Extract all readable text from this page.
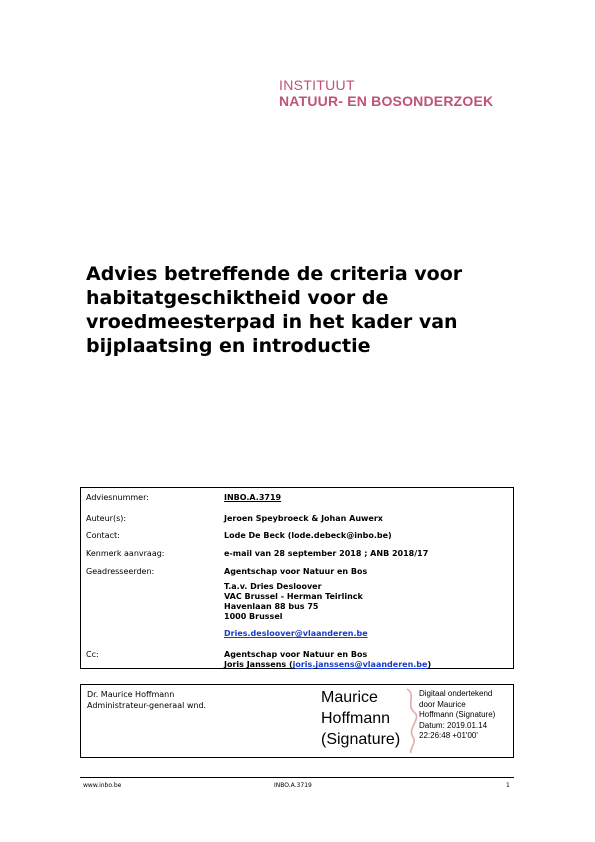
INSTITUUT
NATUUR- EN BOSONDERZOEK
Advies betreffende de criteria voor habitatgeschiktheid voor de vroedmeesterpad in het kader van bijplaatsing en introductie
Adviesnummer:	INBO.A.3719
Auteur(s):	Jeroen Speybroeck & Johan Auwerx
Contact:	Lode De Beck (lode.debeck@inbo.be)
Kenmerk aanvraag:	e-mail van 28 september 2018 ; ANB 2018/17
Geadresseerden:	Agentschap voor Natuur en Bos
T.a.v. Dries Desloover
VAC Brussel - Herman Teirlinck
Havenlaan 88 bus 75
1000 Brussel
Dries.desloover@vlaanderen.be
Cc:	Agentschap voor Natuur en Bos
Joris Janssens (joris.janssens@vlaanderen.be)
Dr. Maurice Hoffmann
Administrateur-generaal wnd.	Maurice
Hoffmann
(Signature)
Digitaal ondertekend
door Maurice
Hoffmann (Signature)
Datum: 2019.01.14
22:26:48 +01'00'
www.inbo.be	INBO.A.3719	1
